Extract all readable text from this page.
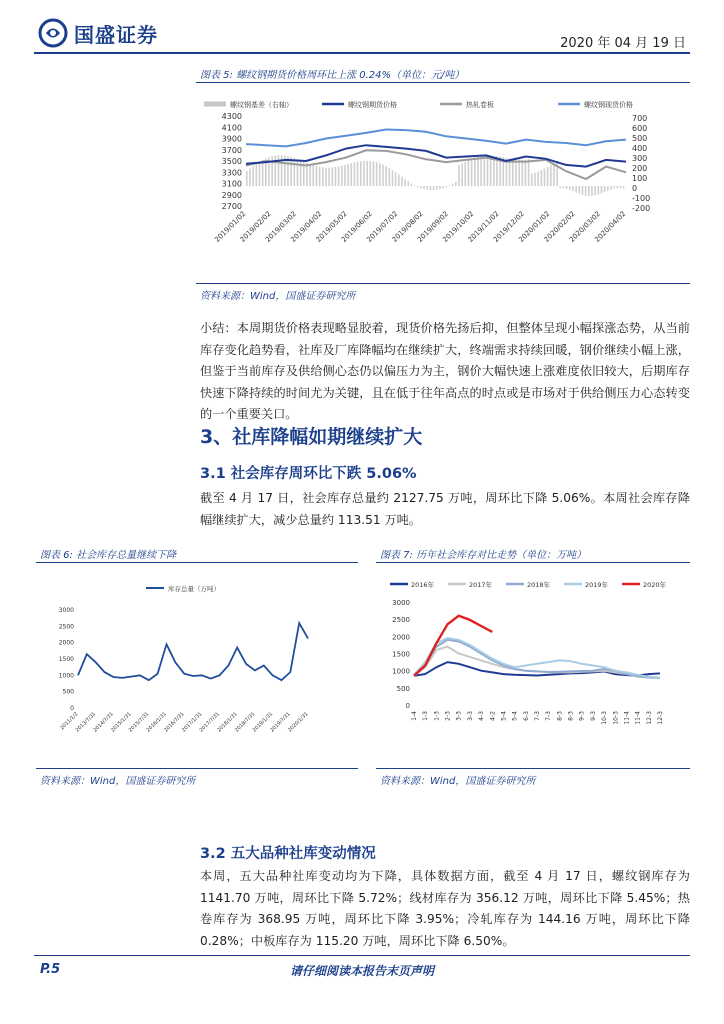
国盛证券	2020 年 04 月 19 日
图表 5: 螺纹钢期货价格周环比上涨 0.24%（单位：元/吨）
螺纹钢基差（右轴）	螺纹钢期货价格	热轧卷板	螺纹钢现货价格
4300
4100
3900
3700
3500
3300
3100
2900
2700
700
600
500
400
300
200
100
0
-100
-200
2019/01/02
2019/02/02
2019/03/02
2019/04/02
2019/05/02
2019/06/02
2019/07/02
2019/08/02
2019/09/02
2019/10/02
2019/11/02
2019/12/02
2020/01/02
2020/02/02
2020/03/02
2020/04/02
资料来源：Wind，国盛证券研究所
小结：本周期货价格表现略显胶着，现货价格先扬后抑，但整体呈现小幅探涨态势，从当前库存变化趋势看，社库及厂库降幅均在继续扩大，终端需求持续回暖，钢价继续小幅上涨，但鉴于当前库存及供给侧心态仍以偏压力为主，钢价大幅快速上涨难度依旧较大，后期库存快速下降持续的时间尤为关键，且在低于往年高点的时点或是市场对于供给侧压力心态转变的一个重要关口。
3、社库降幅如期继续扩大
3.1 社会库存周环比下跌 5.06%
截至 4 月 17 日，社会库存总量约 2127.75 万吨，周环比下降 5.06%。本周社会库存降幅继续扩大，减少总量约 113.51 万吨。
图表 6: 社会库存总量继续下降
库存总量（万吨）
3000
2500
2000
1500
1000
500
0
2011/1/2
2013/7/31
2014/7/31
2015/1/31
2015/7/31
2016/1/31
2016/7/31
2017/1/31
2017/7/31
2018/1/31
2018/7/31
2019/1/31
2019/7/31
2020/1/31
资料来源：Wind，国盛证券研究所
图表 7: 历年社会库存对比走势（单位：万吨）
2016年	2017年	2018年	2019年	2020年
3000
2500
2000
1500
1000
500
0
1-4 1-3 1-3 2-3 3-3 3-3 4-3 4-2 5-4 5-4 6-3 7-3 7-3 8-3 8-3 9-3 9-3 10-3 10-3 11-4 11-4 12-3 12-3
资料来源：Wind，国盛证券研究所
3.2 五大品种社库变动情况
本周，五大品种社库变动均为下降，具体数据方面，截至 4 月 17 日，螺纹钢库存为 1141.70 万吨，周环比下降 5.72%；线材库存为 356.12 万吨，周环比下降 5.45%；热卷库存为 368.95 万吨，周环比下降 3.95%；冷轧库存为 144.16 万吨，周环比下降 0.28%；中板库存为 115.20 万吨，周环比下降 6.50%。
P.5	请仔细阅读本报告末页声明
